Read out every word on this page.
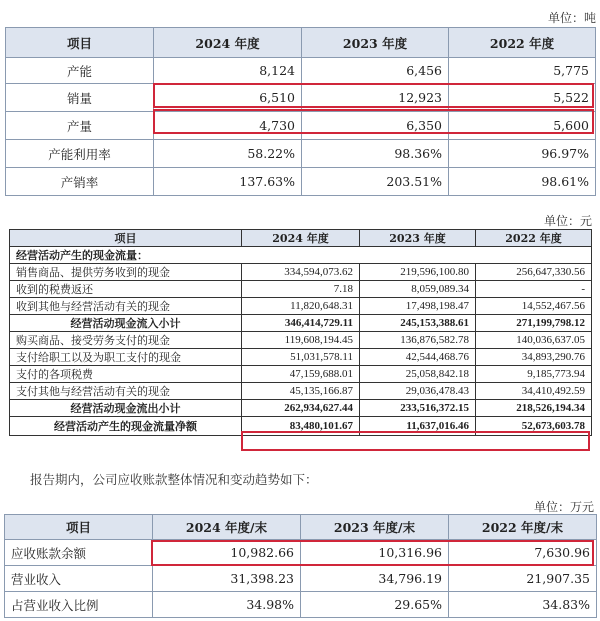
单位：吨
项目	2024 年度	2023 年度	2022 年度
产能	8,124	6,456	5,775
销量	6,510	12,923	5,522
产量	4,730	6,350	5,600
产能利用率	58.22%	98.36%	96.97%
产销率	137.63%	203.51%	98.61%
单位：元
项目	2024 年度	2023 年度	2022 年度
经营活动产生的现金流量：			
销售商品、提供劳务收到的现金	334,594,073.62	219,596,100.80	256,647,330.56
收到的税费返还	7.18	8,059,089.34	-
收到其他与经营活动有关的现金	11,820,648.31	17,498,198.47	14,552,467.56
经营活动现金流入小计	346,414,729.11	245,153,388.61	271,199,798.12
购买商品、接受劳务支付的现金	119,608,194.45	136,876,582.78	140,036,637.05
支付给职工以及为职工支付的现金	51,031,578.11	42,544,468.76	34,893,290.76
支付的各项税费	47,159,688.01	25,058,842.18	9,185,773.94
支付其他与经营活动有关的现金	45,135,166.87	29,036,478.43	34,410,492.59
经营活动现金流出小计	262,934,627.44	233,516,372.15	218,526,194.34
经营活动产生的现金流量净额	83,480,101.67	11,637,016.46	52,673,603.78
报告期内，公司应收账款整体情况和变动趋势如下：
单位：万元
项目	2024 年度/末	2023 年度/末	2022 年度/末
应收账款余额	10,982.66	10,316.96	7,630.96
营业收入	31,398.23	34,796.19	21,907.35
占营业收入比例	34.98%	29.65%	34.83%
